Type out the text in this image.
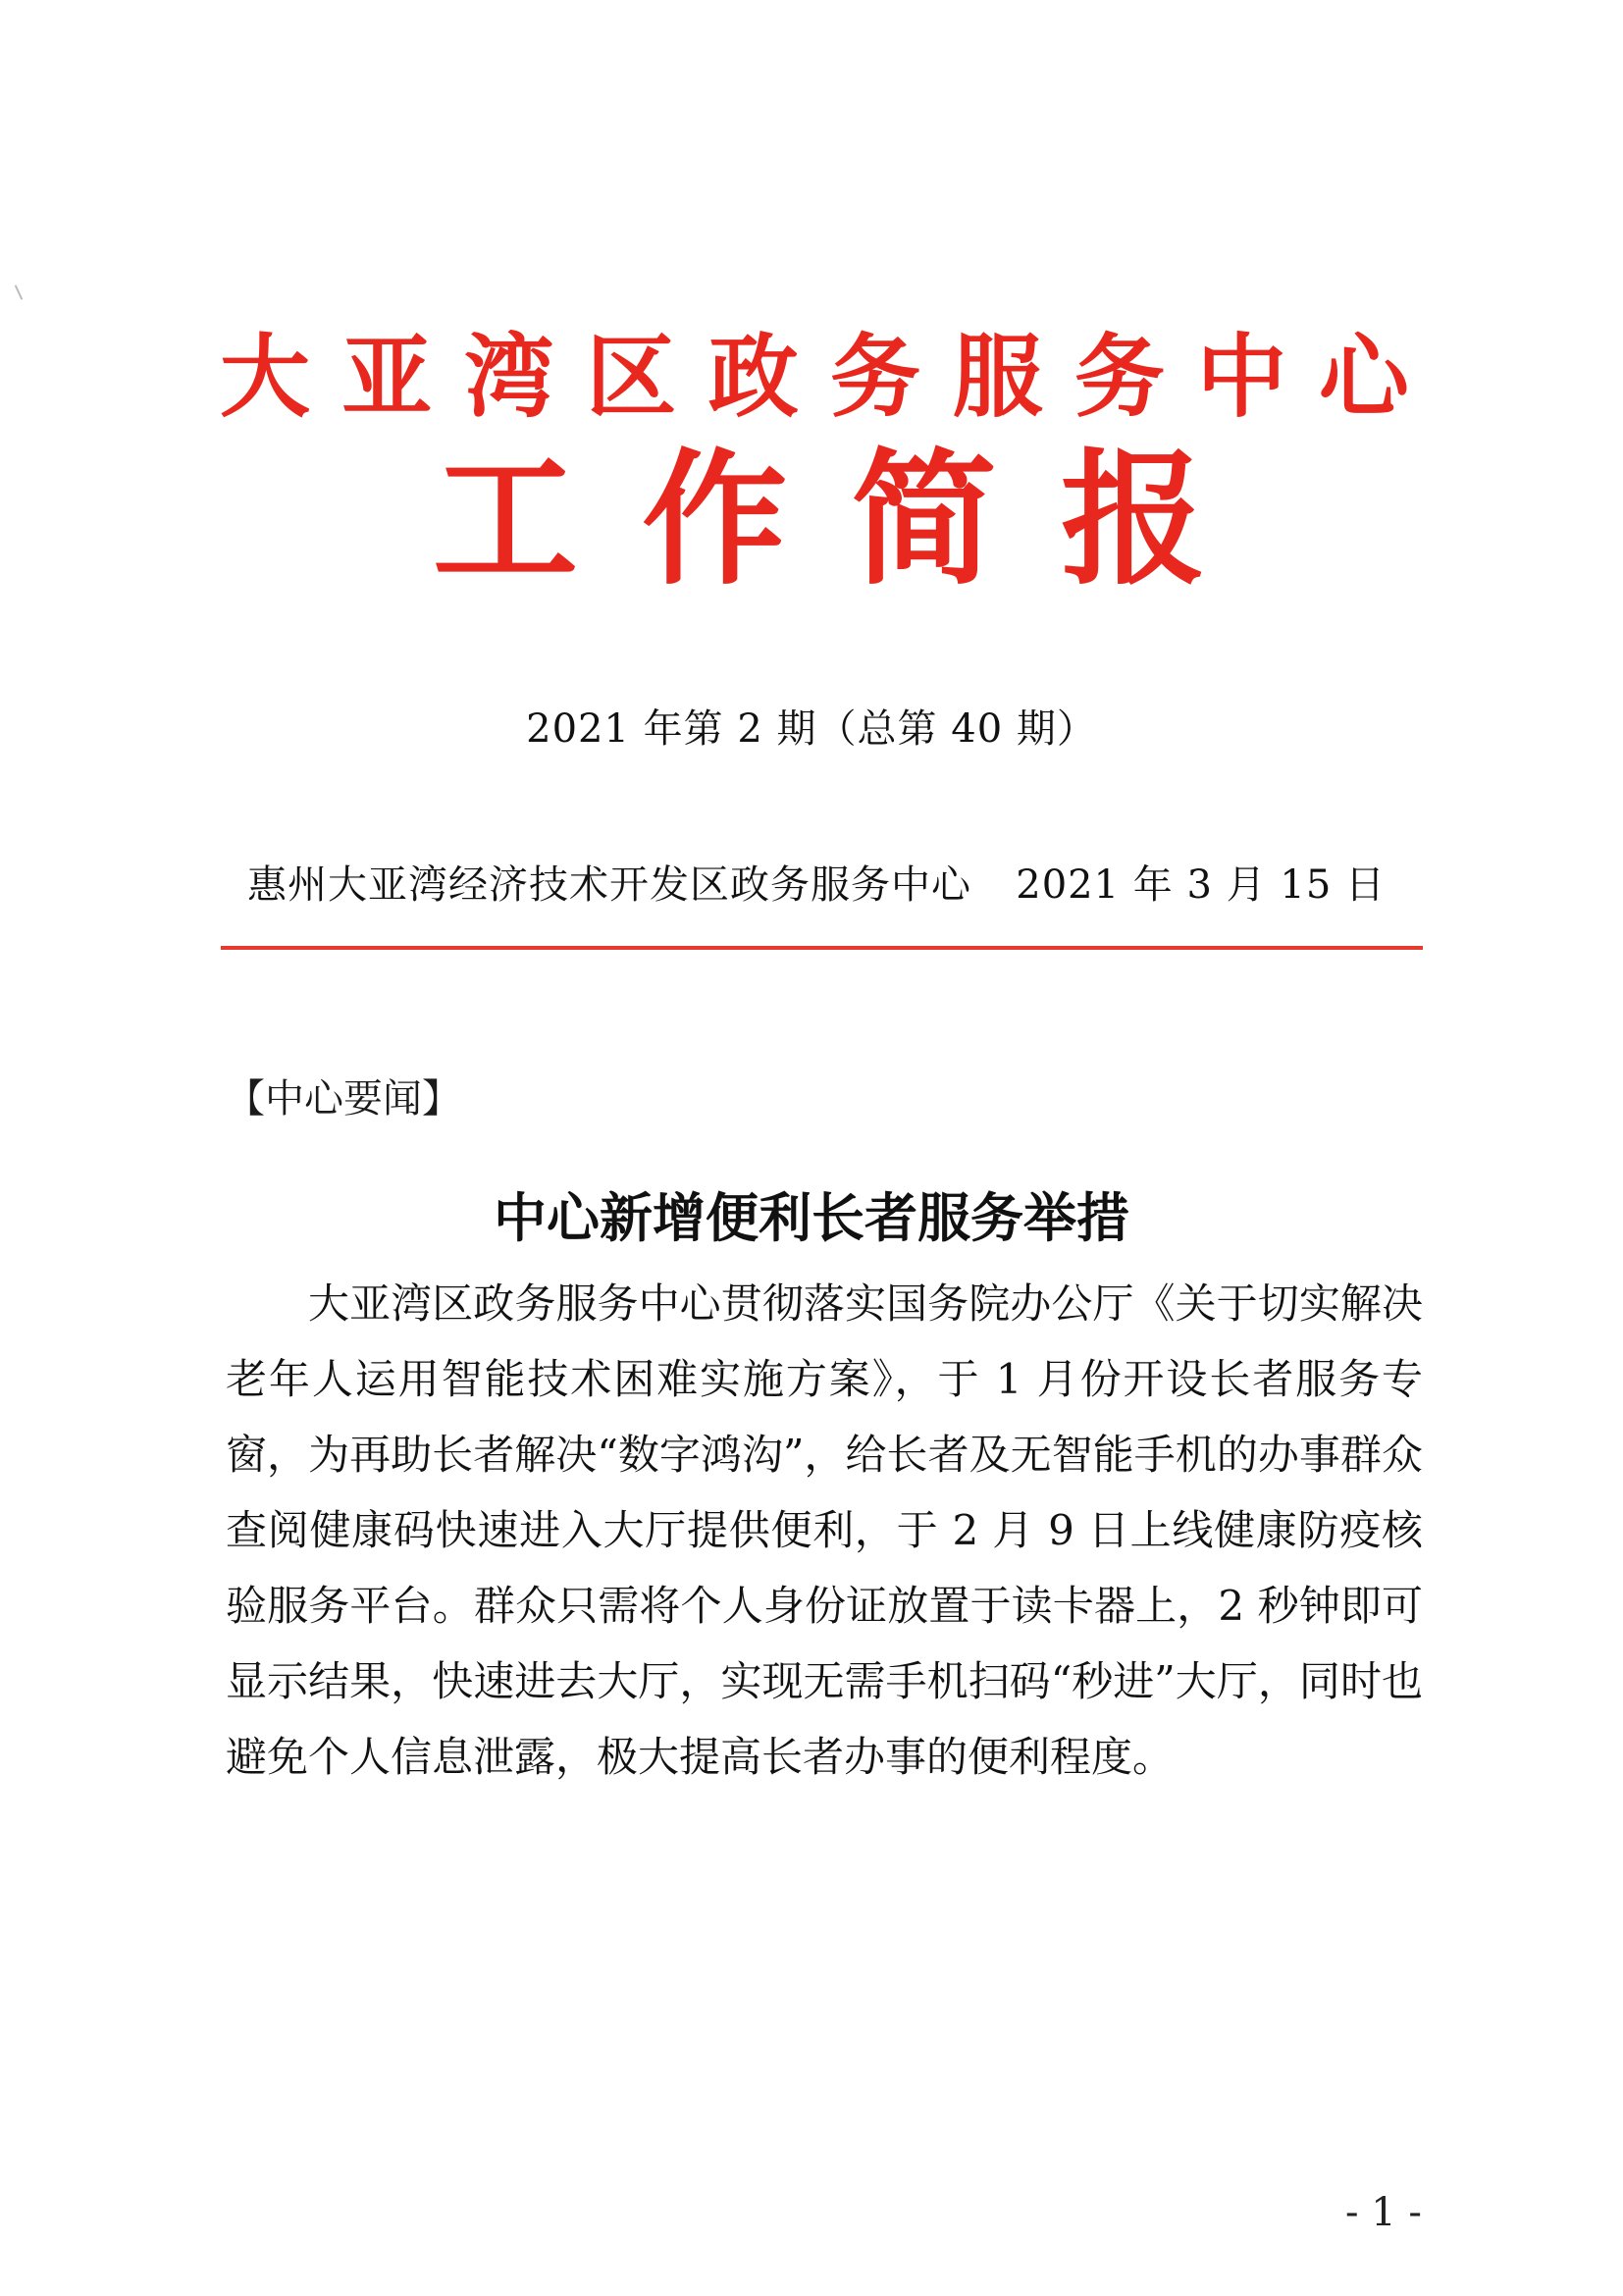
大 亚 湾 区 政 务 服 务 中 心
工 作 简 报
2021 年第 2 期（总第 40 期）
惠州大亚湾经济技术开发区政务服务中心 2021 年 3 月 15 日
【中心要闻】
中心新增便利长者服务举措

大亚湾区政务服务中心贯彻落实国务院办公厅《关于切实解决老年人运用智能技术困难实施方案》，于 1 月份开设长者服务专窗，为再助长者解决“数字鸿沟”，给长者及无智能手机的办事群众查阅健康码快速进入大厅提供便利，于 2 月 9 日上线健康防疫核验服务平台。群众只需将个人身份证放置于读卡器上，2 秒钟即可显示结果，快速进去大厅，实现无需手机扫码“秒进”大厅，同时也避免个人信息泄露，极大提高长者办事的便利程度。

- 1 -
